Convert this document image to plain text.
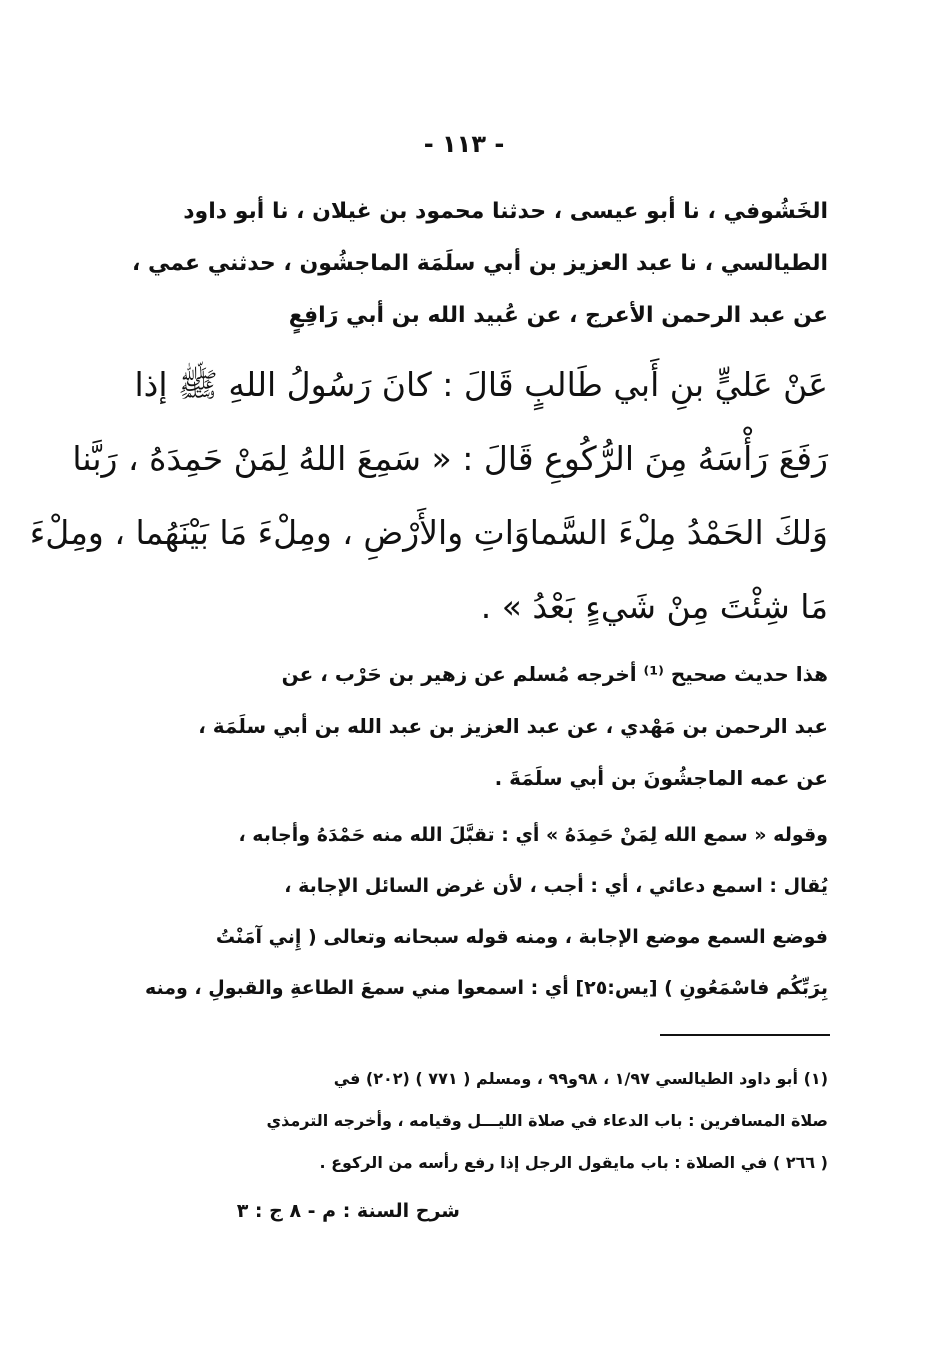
- ١١٣ -
الخَشُوفي ، نا أبو عيسى ، حدثنا محمود بن غيلان ، نا أبو داود
الطيالسي ، نا عبد العزيز بن أبي سلَمَة الماجشُون ، حدثني عمي ،
عن عبد الرحمن الأعرج ، عن عُبيد الله بن أبي رَافِعٍ
عَنْ عَليٍّ بنِ أَبي طَالبٍ قَالَ : كانَ رَسُولُ اللهِ ﷺ إذا
رَفَعَ رَأْسَهُ مِنَ الرُّكُوعِ قَالَ : « سَمِعَ اللهُ لِمَنْ حَمِدَهُ ، رَبَّنا
وَلكَ الحَمْدُ مِلْءَ السَّماوَاتِ والأَرْضِ ، ومِلْءَ مَا بَيْنَهُما ، ومِلْءَ
مَا شِئْتَ مِنْ شَيءٍ بَعْدُ » .
هذا حديث صحيح ⁽¹⁾ أخرجه مُسلم عن زهير بن حَرْب ، عن
عبد الرحمن بن مَهْدي ، عن عبد العزيز بن عبد الله بن أبي سلَمَة ،
عن عمه الماجشُونَ بن أبي سلَمَةَ .
وقوله « سمع الله لِمَنْ حَمِدَهُ » أي : تقبَّلَ الله منه حَمْدَهُ وأجابه ،
يُقال : اسمع دعائي ، أي : أجب ، لأن غرض السائل الإجابة ،
فوضع السمع موضع الإجابة ، ومنه قوله سبحانه وتعالى ( إِني آمَنْتُ
بِرَبِّكُم فاسْمَعُونِ ) [يس:٢٥] أي : اسمعوا مني سمعَ الطاعةِ والقبولِ ، ومنه
(١) أبو داود الطيالسي ١/٩٧ ، ٩٨و٩٩ ، ومسلم ( ٧٧١ ) (٢٠٢) في
صلاة المسافرين : باب الدعاء في صلاة الليـــل وقيامه ، وأخرجه الترمذي
( ٢٦٦ ) في الصلاة : باب مايقول الرجل إذا رفع رأسه من الركوع .
شرح السنة : م - ٨ ج : ٣
